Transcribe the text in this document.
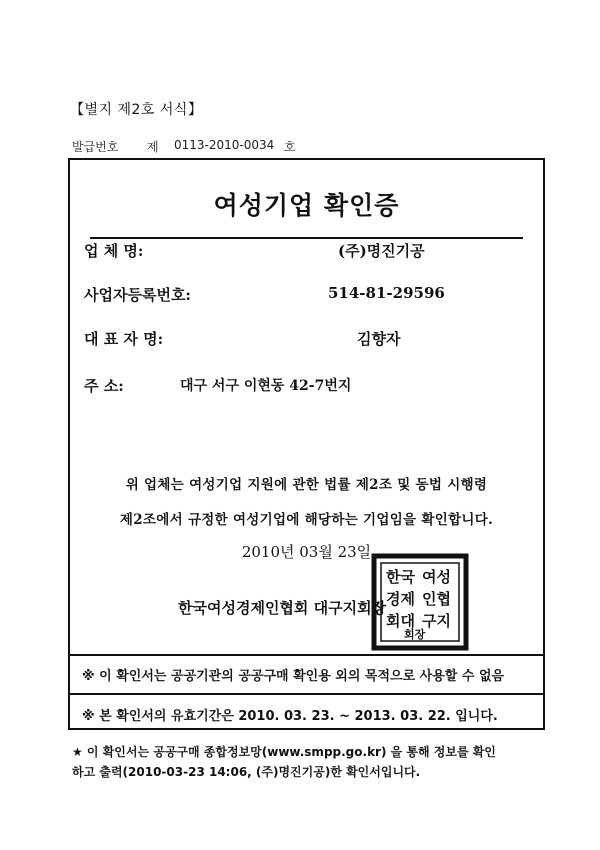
【별지 제2호 서식】
발급번호	제	0113-2010-0034 호
여성기업 확인증
업 체 명:	(주)명진기공
사업자등록번호:	514-81-29596
대 표 자 명:	김향자
주 소:	대구 서구 이현동 42-7번지
위 업체는 여성기업 지원에 관한 법률 제2조 및 동법 시행령
제2조에서 규정한 여성기업에 해당하는 기업임을 확인합니다.
2010년 03월 23일
한국여성경제인협회 대구지회장
한국 여성
경제 인협
회대 구지
회장
※ 이 확인서는 공공기관의 공공구매 확인용 외의 목적으로 사용할 수 없음
※ 본 확인서의 유효기간은 2010. 03. 23. ~ 2013. 03. 22. 입니다.
★ 이 확인서는 공공구매 종합정보망(www.smpp.go.kr) 을 통해 정보를 확인
하고 출력(2010-03-23 14:06, (주)명진기공)한 확인서입니다.
